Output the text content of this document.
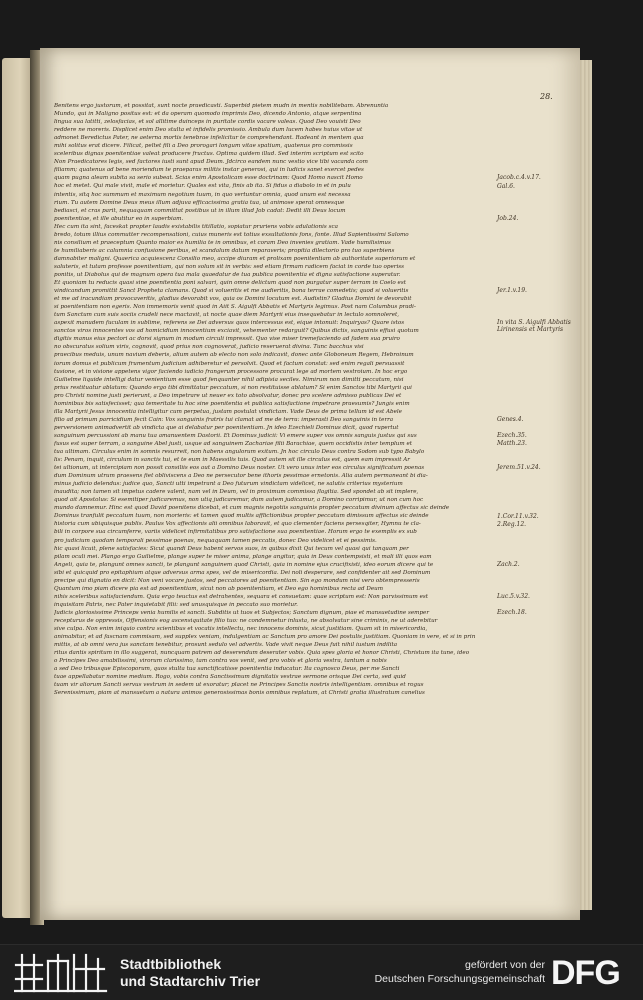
28.
Benitens ergo justorum, et possitat, sunt nocte praedicasti. Superbid pietem mudn in mentis nobilitebam. Abrenuntia
Mundo, qui in Maligno positus est: et da operam quomodo imprimis Deo, dicendo Antonio, atque serpentina
lingua sua latitti, zelosfacias, et sol allitime duinceps in puritate cordis vacare valeas. Quod Deo vouisti Deo
reddere ne moreris. Displicet enim Deo stulta et infidelis promissio. Ambula dum lucem habes huius vitae ut
admonet Beredictus Pater, ne aeterna mortis tenebrae infelicitur te comprehendant. Radeant in mentem qua
mihi solitus erat dicere. Filicat, peltet fili a Deo prorogari longum vitae spatium, quatenus pro commissis
sceleribus dignas poenitentiae valeat producere fructus. Optima quidem illud. Sed interim scriptum est scito
Non Praedicatores legis, sed factores iusti sunt apud Deum. Jdcirco eandem nunc vestio vice tibi vacanda com
filiamm; quatenus ad bene moriendum te praeparas militis instar generosi, qui in ludicis sanet exercet pedes
quam pugna aleam subita sa serio subeat. Scias enim Apostolicam esse doctrinam: Quod Homo nascit Homo
hoc et metet. Qui male vivit, male et morietur. Quales est vita, finis ab ita. Si fidus a diabolo in et in pulu
intentis, sitq hoc summum et maximum negotium tuum, in quo vertuntur omnia, quod unum est necessa
rium. Tu autem Domine Deus meus illum adjuva efficacissima gratia tua, ut animose sperat omnesque
bediasci, et cras parit, nequaquam committat postibus ut in illum illud Job cadat: Dedit illi Deus locum
poenitentiae, et ille abutitur eo in superbiam.
Hec cum ita sint, faceskat propter laudis existabilis titillatio, sopiatur pruriens vobis adulationis sca
bredo, totum illius commutter recompensationi, cuius muneris est totius exsultationis fons, fonte. Illud Sapientissimi Salomo
nis consilium et praeceptum Quanto maior es humilia te in omnibus, et coram Deo invenies gratiam. Vade humilisimus
te humiliaberis ac calumnia confusione peribus, et scandalum datum reparaveris; propitia dilectorio pro tuo superbiens
damnabiter maligni. Quaerica acquiescenz Consilio meo, accipe diuram et prolixam poenitentiam ab authoritate superiorum et
saluteris, et tutam professe poenitentiam, qui non solum sit in verbis: sed etiam firmam radicem faciat in corde tuo operiss
ponitis, ut Diabolus qui de magnum opera tua mala quaedatur de tua publica poenitentia et digna satisfactione superatur.
Et quoniam tu reducis quasi sine poenitentia poni salvari, quin omne delictum quod non purgatur super terram in Coelo est
vindicandum promittit Sanct Propheta clamans. Quod si volueritis et me audieritis, bona terrae comedetis; quod si volueritis
et me ad iracundiam provocaveritis, gladius devorabit vos, quia os Domini locutum est. Audistin? Gladius Domini te devorabit
si poenitentiam non egeris. Non immemoris venit quod in Aiit S. Aigulfi Abbatis et Martyris legimus. Post nam Columbus pradi-
tum Sanctum cum suis sociis crudeli nece mactavit, ut nocte quae diem Martyrii eius insequebatur in lectulo somnoleret,
aspexit manudem fuculam in sublime, referens se Dei adversus quos intercessus est, eique intonuit: Inquiryas? Quare istos
sanctos viros innocentes vos ad homicidium innocentium exciavit, vehementer redarguit? Quibus dictis, sanguinis effusi quotum
digitis manus eius pectori ac dorsi signum in modum circuli impressit. Quo vise miser tremefaciendo ad fadem sua pruiro
no obscuratus solium viris, cognovit, quod prius non cognoverat, judicio reseruerat divina. Tunc bacchus visi
praecibus meduis, unum navium deberis, alium autem ab electo non solo indicavit, donec ante Globoneum Regem, Hebroinum
iorum domus et publicum frumentum judicium adhiberetur et persolvit. Quod et factum constat: sed enim regali persuassit
tusione, et in visione appetens vigor faciendo iudicio frangerum processore procurat lege ad mortem vestroium. In hoc ergo
Guilielme liquide intelligi datur venientium esse quod fenquanter nihil adipisia seciles. Nimirum non dimitti peccatum, nisi
prius restituatur ablatum: Quando ergo tibi dimittatur peccatum, si non restituisse ablatum? Si enim Sanctos tibi Martyrii qui
pro Christi nomine justi perierunt, a Deo impetrare ut neuer ex toto absolvatur, donec pro scelere admisso publicas Dei et
hominibus bis satisfecisset; qua temeritate tu hoc sine poenitentia et publica satisfactione impetrare praesumis? Jungis enim
illa Martyrii Jesus innocentia intelligitur cum perpetua, justam postulat vindictam. Vade Deus de prima tellum id est Abele
filio ad primum parricidium fecit Cain: Vox sanguinis fratris tui clamat ad me de terra: imperasti Deo sanguinis in terra
perversionem animadvertit ab vindicta que ai delabatur per poenitentiam. Jn ideo Ezechieli Dominus dicit, quod rupertut
sanguinum percussioni ab manu tua amanuentem Dastorii. Et Dominus judicii: Vi emere super vos omnis sanguis justus qui sus
fusus est super terram, a sanguine Abel justi, usque ad sanguinem Zachariae filii Barachiae, quem occidistis inter templum et
tua ultimam. Circulus enim in somnis resurreit, non habens angulorum exitum. Jn hoc circulo Deus contra Sodom sub typo Babylo
lis: Penam, inquit, circulum in sanctis tui, et te eum in Maessilis tuis. Quod autem sit ille circulus est, quem eam impressit Ar
tei ultionum, ut intercipiam non possit consiliis eos aut a Domino Deus noster. Ut vero unus inter eos circulus significatum poenas
dum Dominum utrum praesens fiet obliviscens a Deo ne persecutor bene ithoris pessimae ernetonis. Alia autem permaneant bi dia-
minus judicio delendus: judice quo, Sancti utti impetrant a Deo futurum vindictam videlicet, ne salutis criterius mysterium
inaudita; non tamen sit impetus cadere valent, nam vel in Deum, vel in proximum commissa flagitia. Sed spondet ab sit implere,
quod ait Apostolus: Si esemitiper judicaremus, non utiq judicaremur, dum autem judicamur, a Domino corripimur, ut non cum hoc
mundo damnemur. Hinc est quod David poenitens dicebat, et cum magnis negotiis sanguinis propter peccatum divinum affectus sic deinde
Dominus tranfulit peccatum tuum, non morieris: et tamen quod multis afflictionibus propter peccatum dimissum affectus sic deinde
historia cum ubiquisque publis. Paulus Vox affectionis alii omnibus laboravit, et quo clementer faciens persesqiter, Hymnu te cla-
bili in corpore sua circumferre, variis videlicet infirmitatibus pro satisfactione sua poenitentiae. Horum ergo te exemplis ex sub
pro judicium quodam temporali pessimae poenas, nequaquam tamen peccatis, donec Deo videlicet et ei pessimis.
hic quasi licuit, plene satisfacies: Sicut quandi Deus habent servos suos, in quibus dixit Qui tecum vel quasi qui tanquam per
pilam oculi mei. Plango ergo Guilielme, plange super te miser anima, plange angitur, quia in Deus contempsisti, et mali illi quos eam
Angeli, quia te, plangunt omnes sancti, te plangunt sanguinem quod Christi, quia in nomine ejus crucifixisti, ideo eorum dicere qui te
sibi et quicquid pro epitaphium atque adversus arma spes, vel de misericordia. Dei noli desperare, sed confidenter ait sed Dominum
precipe qui dignatio en dicit: Non veni vocare justos, sed peccatores ad poenitentiam. Sin ego mondum nisi vero obtempresseris
Quantum imo piam dicere pia est ad poenitentiam, sicut non ab poenitentiam, et Deo ego hominibus recta ad Deum
nihis sceleribus satisfaciendum. Quia ergo teuctus est detrahentes, sequara et consuetam: quae scriptum est: Non parvissimum est
inquisitam Patris, nec Pater inquietabit filii: sed unusquisque in peccato suo morietur.
Judicis gloriosissime Princeps venia humilis et sancti. Subditis ut tuos et Subjectos; Sanctum dignum, piae et mansuetudine semper
recepturus de oppressis, Offensionis eog ascensiquitate filio tuo: ne condemnetur inlusta, ne absolvatur sine criminis, ne ut aderebitur
sive culpa. Non enim iniquio contra scientibus et vocatis intellectu, nec innocens dominis, sicut justitiam. Quam sit in misericordia,
animabitur, et ad fascnam commisam, sed supplex veniam, indulgentiam ac Sanctum pro amore Dei postulis justitiam. Quoniam in vere, et si in prin
mittis, at ab omni vera jus sanctam tenebitur, prosunt sedulo vel advertis. Vade vivit neque Deus fuit nihil iustum indilita
ritus dantis spiritum in illo suggerat, nuncquam patrem ad deserendum deserater vobis. Quia spes gloria et honor Christi, Christum ita tune, ideo
o Principes Deo amabilissimi, virorum clarissimo, tam contra vos venit, sed pro vobis et gloria vestra, tantum a nobis
a sed Deo tribusque Episcoporum, quos stulta tua sanctificatisse poenitentia inducatur. Ita cognosco Deus, per me Sancti
tuae appellabatur nomine medium. Rogo, vobis contra Sanctissimum dignitatis vestrae sermone orisque Dei certa, sed quid
tuam vir aliorum Sancti servus vestrum in sedem ut exoratur; placet ne Principes Sanctis nostris intelligentiam. omnibus et rogus
Serenissimum, piam at mansuetum a natura animos generosissimas bonis omnibus replatum, at Christi gratia illustratum canelius
Jacob.c.4.v.17.
Gal.6.
Job.24.
Jer.1.v.19.
In vita S. Aigulfi Abbatis Lirinensis et Martyris
Genes.4.
Ezech.35.
Matth.23.
Jerem.51.v.24.
1.Cor.11.v.32.
2.Reg.12.
Zach.2.
Luc.5.v.32.
Ezech.18.
Stadtbibliothek
und Stadtarchiv Trier
gefördert von der
Deutschen Forschungsgemeinschaft DFG
